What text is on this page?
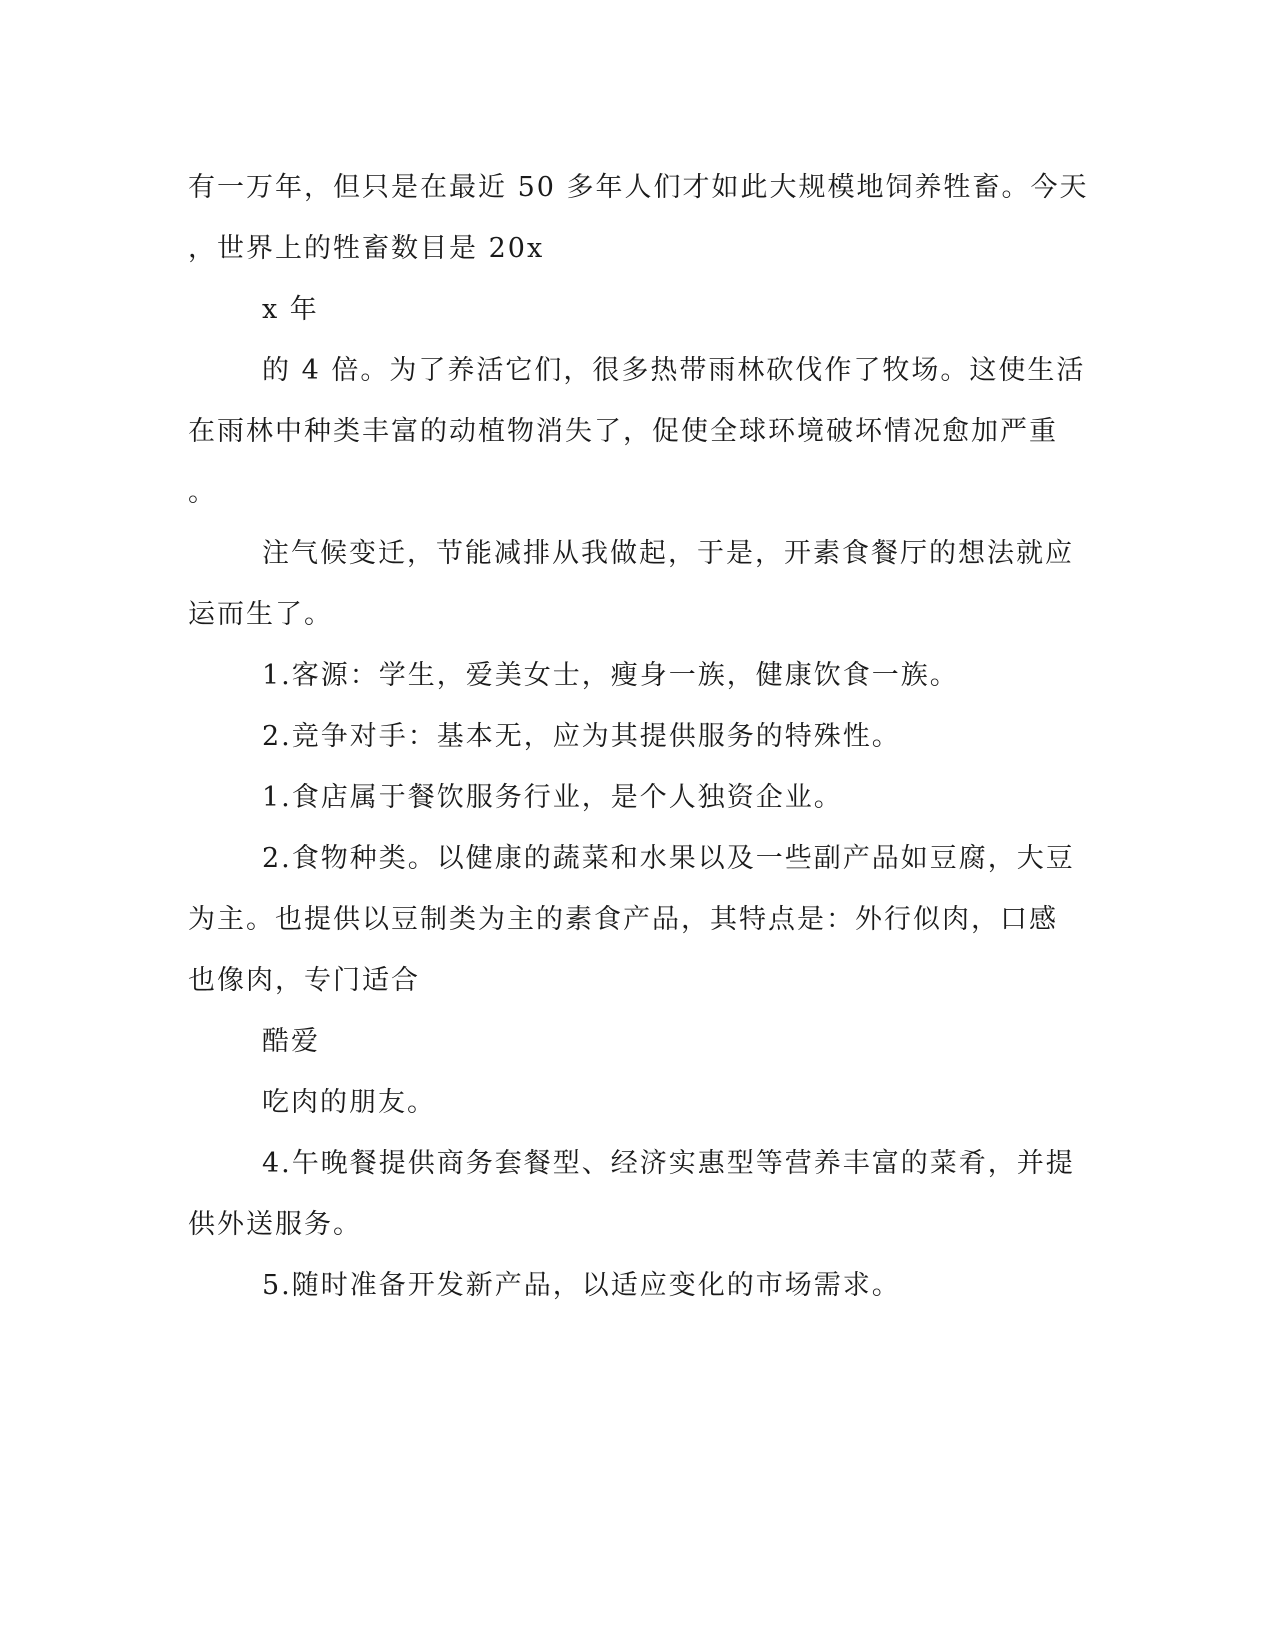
有一万年，但只是在最近 50 多年人们才如此大规模地饲养牲畜。今天
，世界上的牲畜数目是 20x
x 年
的 4 倍。为了养活它们，很多热带雨林砍伐作了牧场。这使生活
在雨林中种类丰富的动植物消失了，促使全球环境破坏情况愈加严重
。
注气候变迁，节能减排从我做起，于是，开素食餐厅的想法就应
运而生了。
1.客源：学生，爱美女士，瘦身一族，健康饮食一族。
2.竞争对手：基本无，应为其提供服务的特殊性。
1.食店属于餐饮服务行业，是个人独资企业。
2.食物种类。以健康的蔬菜和水果以及一些副产品如豆腐，大豆
为主。也提供以豆制类为主的素食产品，其特点是：外行似肉，口感
也像肉，专门适合
酷爱
吃肉的朋友。
4.午晚餐提供商务套餐型、经济实惠型等营养丰富的菜肴，并提
供外送服务。
5.随时准备开发新产品，以适应变化的市场需求。
